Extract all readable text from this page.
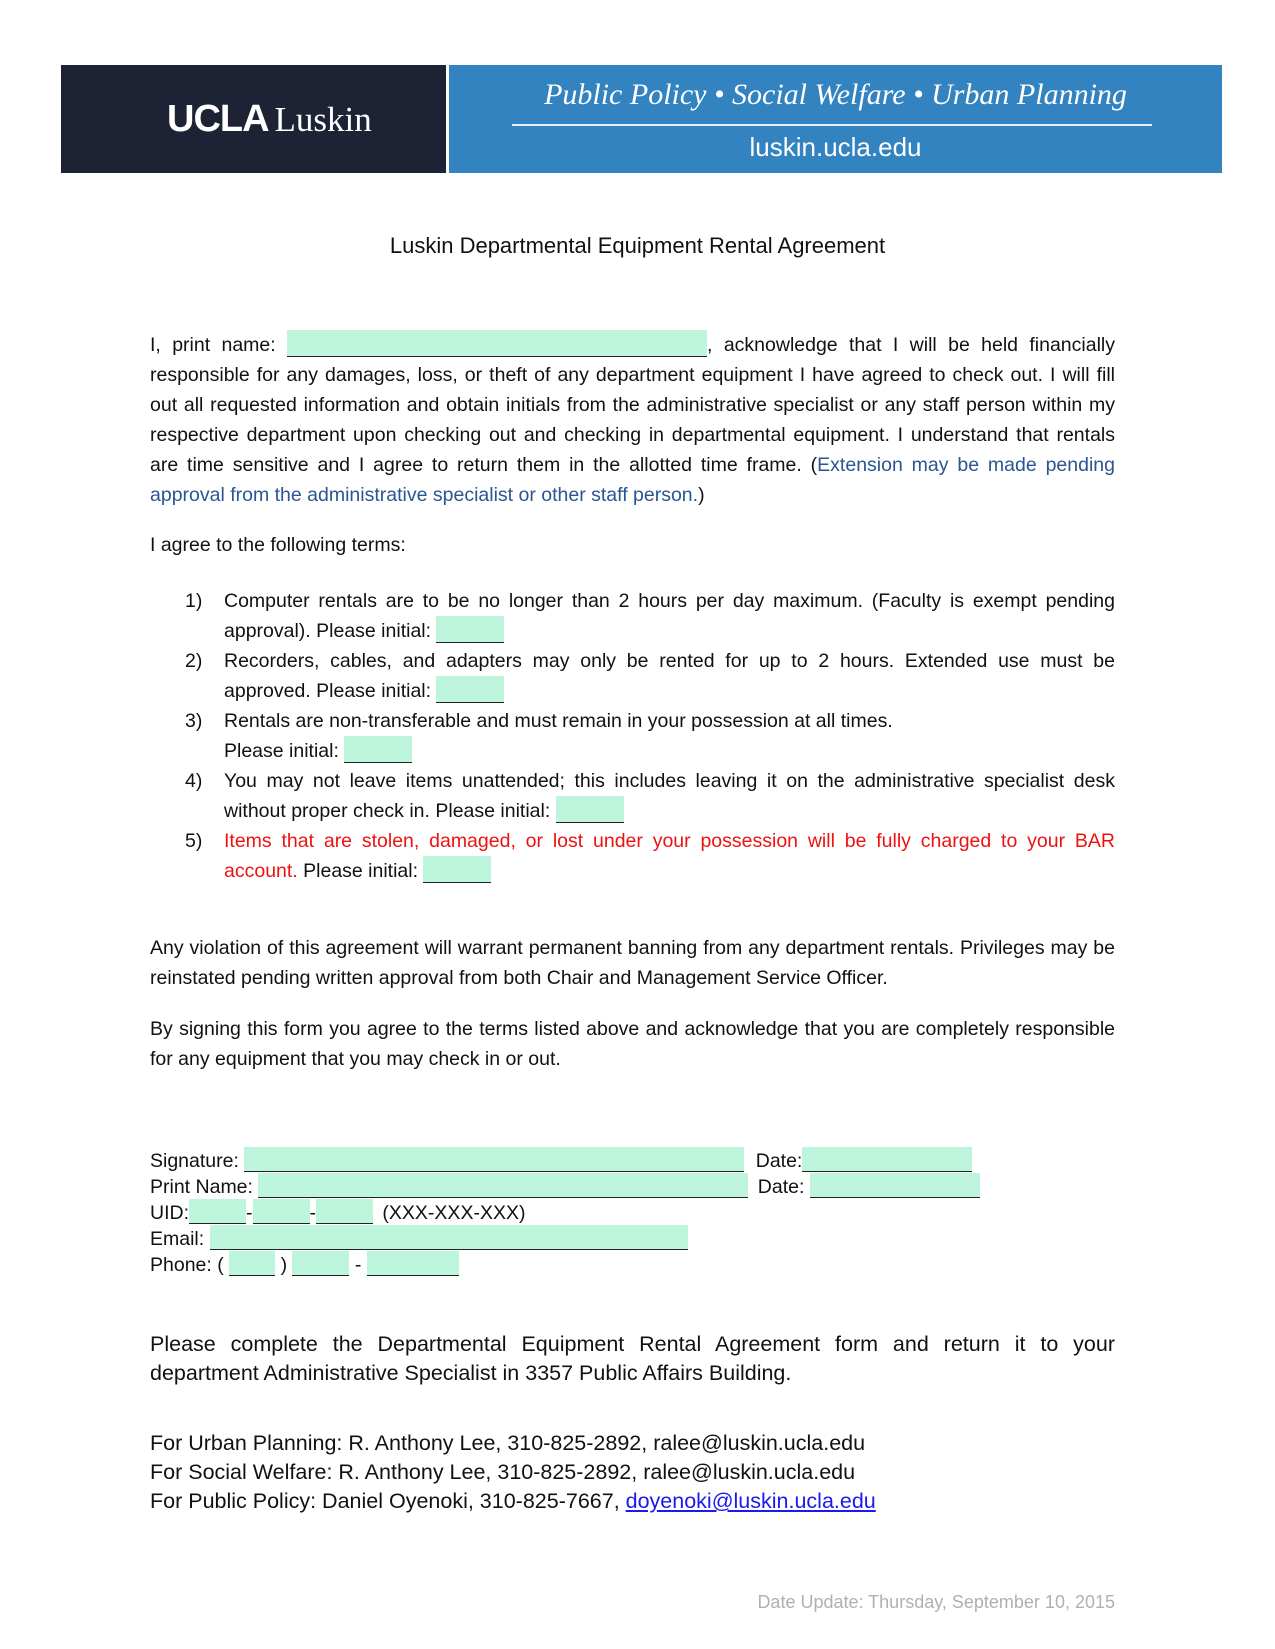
UCLA Luskin
Public Policy • Social Welfare • Urban Planning
luskin.ucla.edu
Luskin Departmental Equipment Rental Agreement
I, print name:	, acknowledge that I will be held financially responsible for any damages, loss, or theft of any department equipment I have agreed to check out. I will fill out all requested information and obtain initials from the administrative specialist or any staff person within my respective department upon checking out and checking in departmental equipment. I understand that rentals are time sensitive and I agree to return them in the allotted time frame. (Extension may be made pending approval from the administrative specialist or other staff person.)
I agree to the following terms:
1) Computer rentals are to be no longer than 2 hours per day maximum. (Faculty is exempt pending approval). Please initial:
2) Recorders, cables, and adapters may only be rented for up to 2 hours. Extended use must be approved. Please initial:
3) Rentals are non-transferable and must remain in your possession at all times.
Please initial:
4) You may not leave items unattended; this includes leaving it on the administrative specialist desk without proper check in. Please initial:
5) Items that are stolen, damaged, or lost under your possession will be fully charged to your BAR account. Please initial:
Any violation of this agreement will warrant permanent banning from any department rentals. Privileges may be reinstated pending written approval from both Chair and Management Service Officer.
By signing this form you agree to the terms listed above and acknowledge that you are completely responsible for any equipment that you may check in or out.
Signature:	Date:
Print Name:	Date:
UID:	-	-	(XXX-XXX-XXX)
Email:
Phone: (	)	-
Please complete the Departmental Equipment Rental Agreement form and return it to your department Administrative Specialist in 3357 Public Affairs Building.
For Urban Planning: R. Anthony Lee, 310-825-2892, ralee@luskin.ucla.edu
For Social Welfare: R. Anthony Lee, 310-825-2892, ralee@luskin.ucla.edu
For Public Policy: Daniel Oyenoki, 310-825-7667, doyenoki@luskin.ucla.edu
Date Update: Thursday, September 10, 2015
